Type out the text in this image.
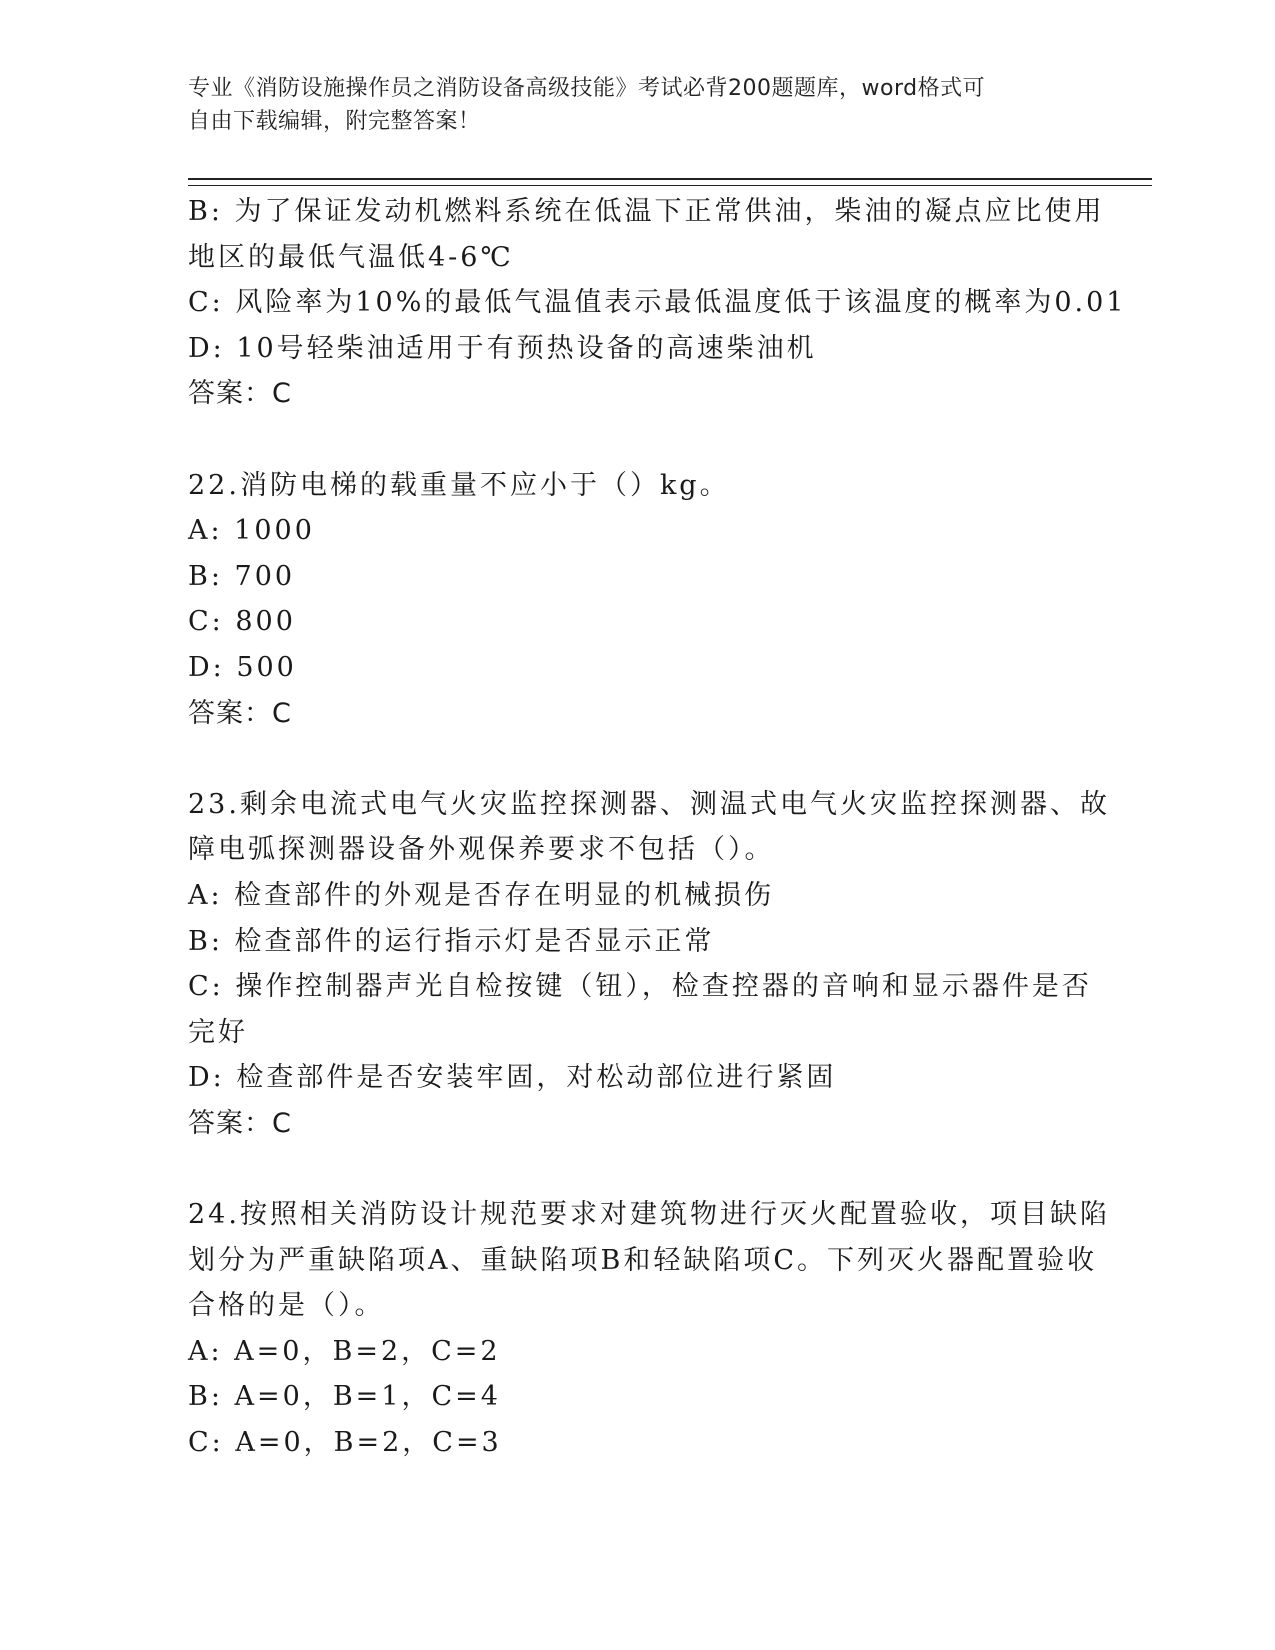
专业《消防设施操作员之消防设备高级技能》考试必背200题题库，word格式可
自由下载编辑，附完整答案！
B: 为了保证发动机燃料系统在低温下正常供油，柴油的凝点应比使用
地区的最低气温低4-6℃
C: 风险率为10%的最低气温值表示最低温度低于该温度的概率为0.01
D: 10号轻柴油适用于有预热设备的高速柴油机
答案：C
22.消防电梯的载重量不应小于（）kg。
A: 1000
B: 700
C: 800
D: 500
答案：C
23.剩余电流式电气火灾监控探测器、测温式电气火灾监控探测器、故
障电弧探测器设备外观保养要求不包括（）。
A: 检查部件的外观是否存在明显的机械损伤
B: 检查部件的运行指示灯是否显示正常
C: 操作控制器声光自检按键（钮），检查控器的音响和显示器件是否
完好
D: 检查部件是否安装牢固，对松动部位进行紧固
答案：C
24.按照相关消防设计规范要求对建筑物进行灭火配置验收，项目缺陷
划分为严重缺陷项A、重缺陷项B和轻缺陷项C。下列灭火器配置验收
合格的是（）。
A: A=0，B=2，C=2
B: A=0，B=1，C=4
C: A=0，B=2，C=3
